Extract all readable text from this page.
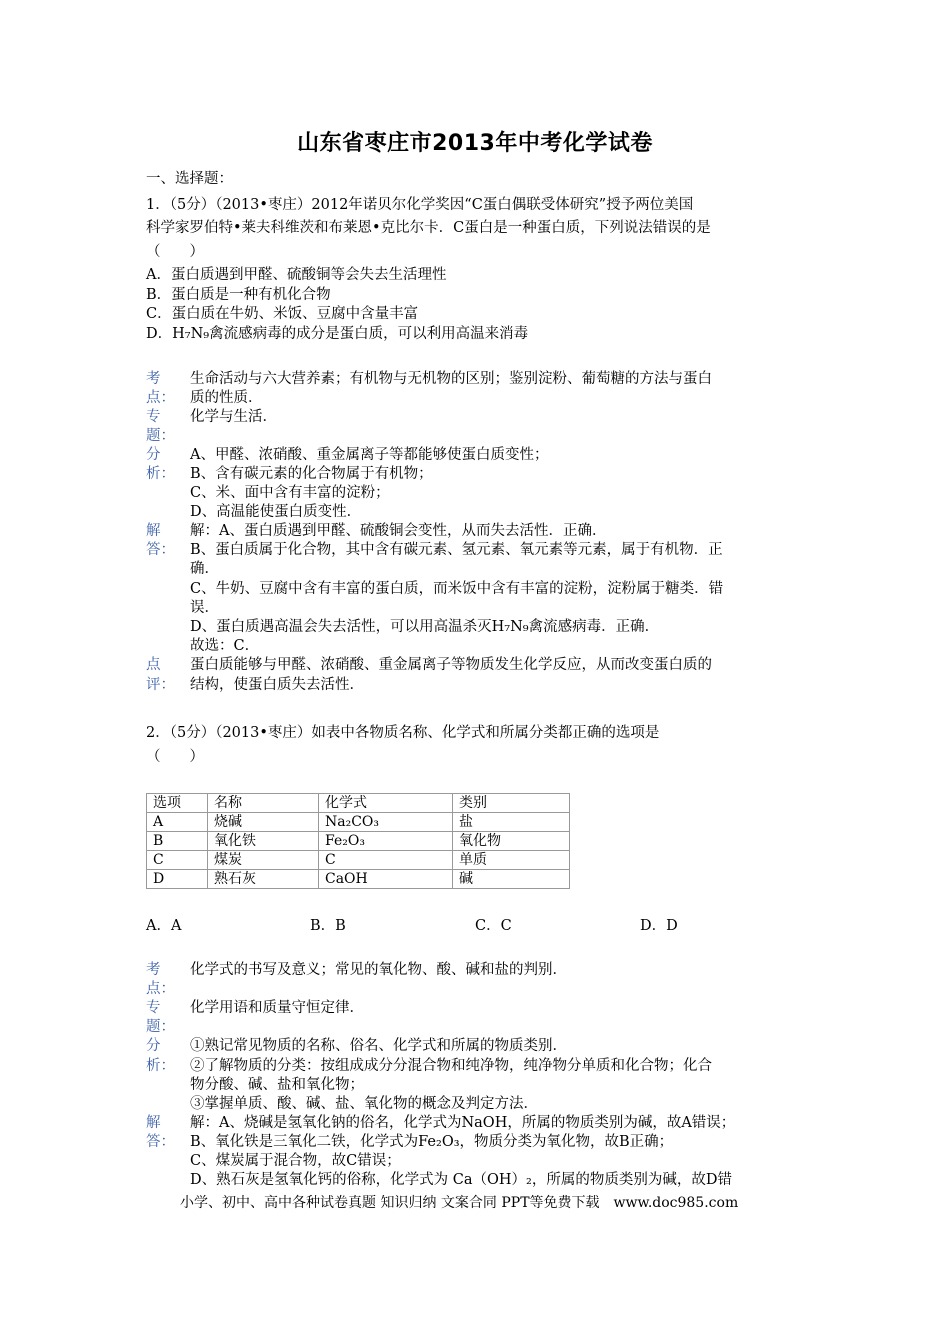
山东省枣庄市2013年中考化学试卷
一、选择题：
1．（5分）（2013•枣庄）2012年诺贝尔化学奖因“C蛋白偶联受体研究”授予两位美国
科学家罗伯特•莱夫科维茨和布莱恩•克比尔卡．C蛋白是一种蛋白质，下列说法错误的是
（　　）
A．蛋白质遇到甲醛、硫酸铜等会失去生活理性
B．蛋白质是一种有机化合物
C．蛋白质在牛奶、米饭、豆腐中含量丰富
D．H₇N₉禽流感病毒的成分是蛋白质，可以利用高温来消毒
考
点：
生命活动与六大营养素；有机物与无机物的区别；鉴别淀粉、葡萄糖的方法与蛋白
质的性质．
专
题：
化学与生活．
分
析：
A、甲醛、浓硝酸、重金属离子等都能够使蛋白质变性；
B、含有碳元素的化合物属于有机物；
C、米、面中含有丰富的淀粉；
D、高温能使蛋白质变性．
解
答：
解：A、蛋白质遇到甲醛、硫酸铜会变性，从而失去活性．正确．
B、蛋白质属于化合物，其中含有碳元素、氢元素、氧元素等元素，属于有机物．正
确．
C、牛奶、豆腐中含有丰富的蛋白质，而米饭中含有丰富的淀粉，淀粉属于糖类．错
误．
D、蛋白质遇高温会失去活性，可以用高温杀灭H₇N₉禽流感病毒．正确．
故选：C．
点
评：
蛋白质能够与甲醛、浓硝酸、重金属离子等物质发生化学反应，从而改变蛋白质的
结构，使蛋白质失去活性．
2．（5分）（2013•枣庄）如表中各物质名称、化学式和所属分类都正确的选项是
（　　）
选项	名称	化学式	类别
A	烧碱	Na₂CO₃	盐
B	氧化铁	Fe₂O₃	氧化物
C	煤炭	C	单质
D	熟石灰	CaOH	碱
A．A	B．B	C．C	D．D
考
点：
化学式的书写及意义；常见的氧化物、酸、碱和盐的判别．
专
题：
化学用语和质量守恒定律．
分
析：
①熟记常见物质的名称、俗名、化学式和所属的物质类别．
②了解物质的分类：按组成成分分混合物和纯净物，纯净物分单质和化合物；化合
物分酸、碱、盐和氧化物；
③掌握单质、酸、碱、盐、氧化物的概念及判定方法．
解
答：
解：A、烧碱是氢氧化钠的俗名，化学式为NaOH，所属的物质类别为碱，故A错误；
B、氧化铁是三氧化二铁，化学式为Fe₂O₃，物质分类为氧化物，故B正确；
C、煤炭属于混合物，故C错误；
D、熟石灰是氢氧化钙的俗称，化学式为 Ca（OH）₂，所属的物质类别为碱，故D错
小学、初中、高中各种试卷真题 知识归纳 文案合同 PPT等免费下载　www.doc985.com
